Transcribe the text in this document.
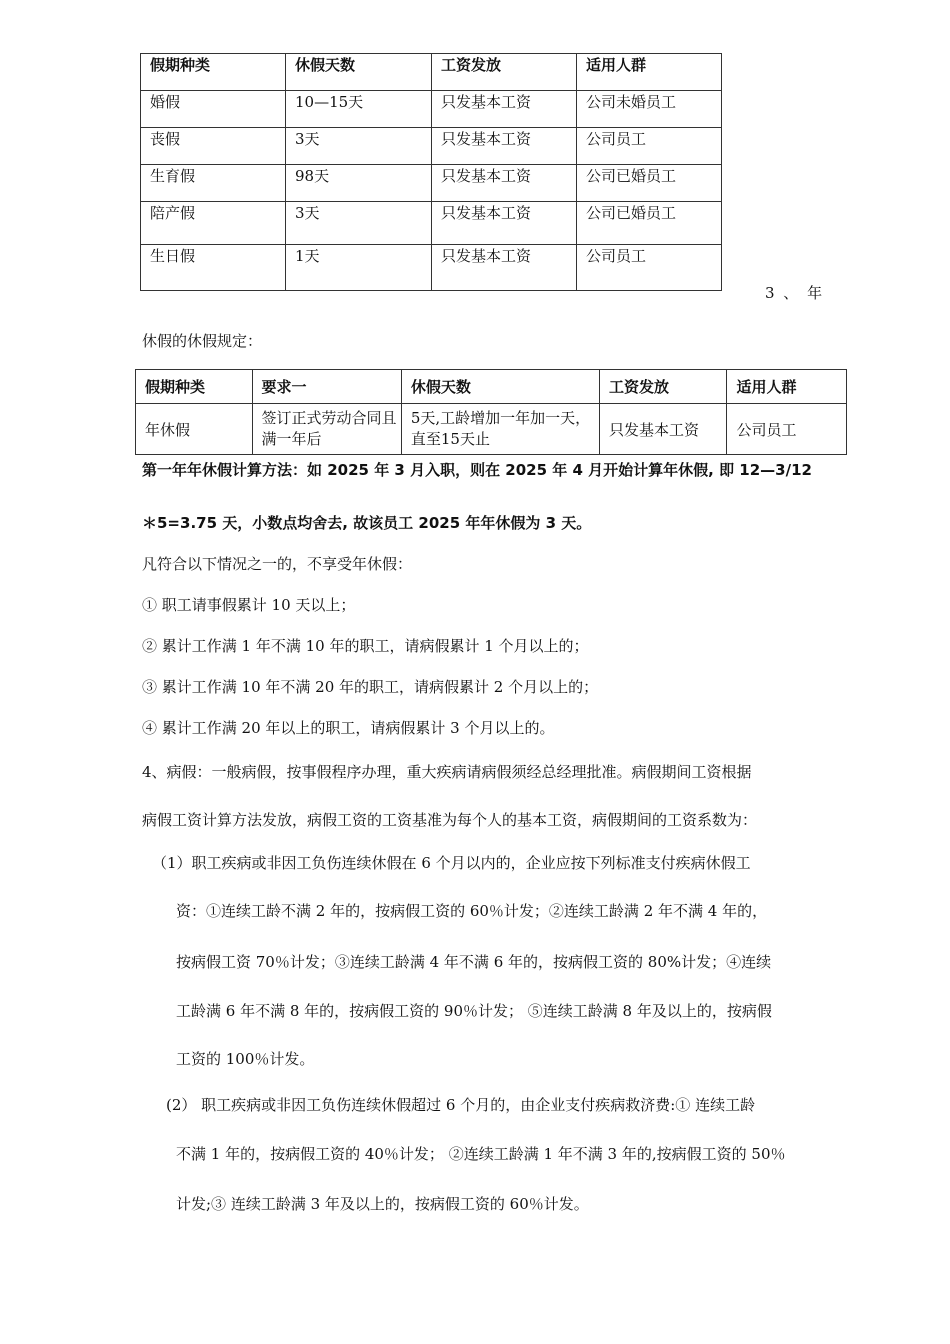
假期种类	休假天数	工资发放	适用人群
婚假	10—15天	只发基本工资	公司未婚员工
丧假	3天	只发基本工资	公司员工
生育假	98天	只发基本工资	公司已婚员工
陪产假	3天	只发基本工资	公司已婚员工
生日假	1天	只发基本工资	公司员工
3 、 年
休假的休假规定：
假期种类	要求一	休假天数	工资发放	适用人群
年休假	签订正式劳动合同且满一年后	5天,工龄增加一年加一天，直至15天止	只发基本工资	公司员工
第一年年休假计算方法：如 2025 年 3 月入职，则在 2025 年 4 月开始计算年休假, 即 12—3/12
＊5=3.75 天，小数点均舍去, 故该员工 2025 年年休假为 3 天。
凡符合以下情况之一的，不享受年休假：
① 职工请事假累计 10 天以上；
② 累计工作满 1 年不满 10 年的职工，请病假累计 1 个月以上的；
③ 累计工作满 10 年不满 20 年的职工，请病假累计 2 个月以上的；
④ 累计工作满 20 年以上的职工，请病假累计 3 个月以上的。
4、病假：一般病假，按事假程序办理，重大疾病请病假须经总经理批准。病假期间工资根据
病假工资计算方法发放，病假工资的工资基准为每个人的基本工资，病假期间的工资系数为：
（1）职工疾病或非因工负伤连续休假在 6 个月以内的，企业应按下列标准支付疾病休假工
资：①连续工龄不满 2 年的，按病假工资的 60％计发；②连续工龄满 2 年不满 4 年的，
按病假工资 70％计发；③连续工龄满 4 年不满 6 年的，按病假工资的 80%计发；④连续
工龄满 6 年不满 8 年的，按病假工资的 90％计发； ⑤连续工龄满 8 年及以上的，按病假
工资的 100％计发。
(2） 职工疾病或非因工负伤连续休假超过 6 个月的，由企业支付疾病救济费:① 连续工龄
不满 1 年的，按病假工资的 40％计发； ②连续工龄满 1 年不满 3 年的,按病假工资的 50％
计发;③ 连续工龄满 3 年及以上的，按病假工资的 60％计发。
